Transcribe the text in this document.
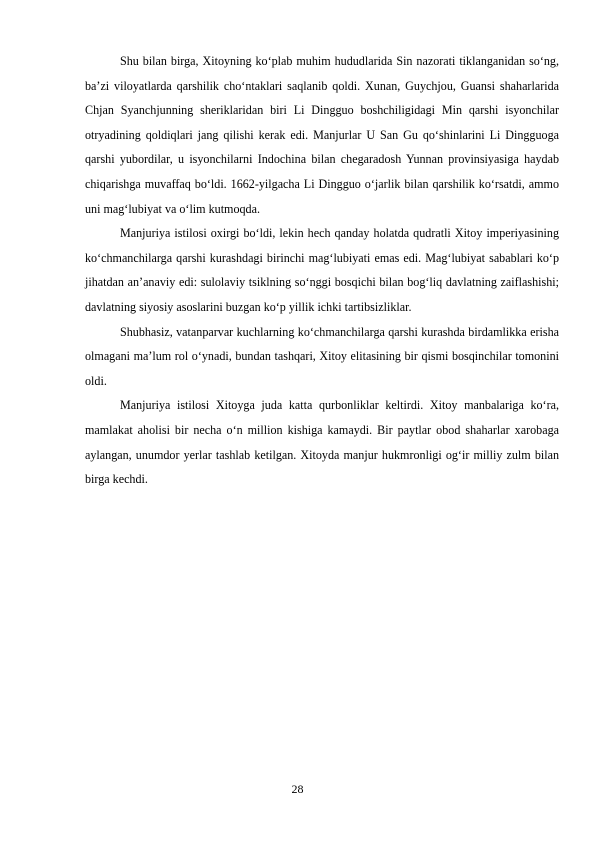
Shu bilan birga, Xitoyning ko‘plab muhim hududlarida Sin nazorati tiklanganidan so‘ng, ba’zi viloyatlarda qarshilik cho‘ntaklari saqlanib qoldi. Xunan, Guychjou, Guansi shaharlarida Chjan Syanchjunning sheriklaridan biri Li Dingguo boshchiligidagi Min qarshi isyonchilar otryadining qoldiqlari jang qilishi kerak edi. Manjurlar U San Gu qo‘shinlarini Li Dingguoga qarshi yubordilar, u isyonchilarni Indochina bilan chegaradosh Yunnan provinsiyasiga haydab chiqarishga muvaffaq bo‘ldi. 1662-yilgacha Li Dingguo o‘jarlik bilan qarshilik ko‘rsatdi, ammo uni mag‘lubiyat va o‘lim kutmoqda.

Manjuriya istilosi oxirgi bo‘ldi, lekin hech qanday holatda qudratli Xitoy imperiyasining ko‘chmanchilarga qarshi kurashdagi birinchi mag‘lubiyati emas edi. Mag‘lubiyat sabablari ko‘p jihatdan an’anaviy edi: sulolaviy tsiklning so‘nggi bosqichi bilan bog‘liq davlatning zaiflashishi; davlatning siyosiy asoslarini buzgan ko‘p yillik ichki tartibsizliklar.

Shubhasiz, vatanparvar kuchlarning ko‘chmanchilarga qarshi kurashda birdamlikka erisha olmagani ma’lum rol o‘ynadi, bundan tashqari, Xitoy elitasining bir qismi bosqinchilar tomonini oldi.

Manjuriya istilosi Xitoyga juda katta qurbonliklar keltirdi. Xitoy manbalariga ko‘ra, mamlakat aholisi bir necha o‘n million kishiga kamaydi. Bir paytlar obod shaharlar xarobaga aylangan, unumdor yerlar tashlab ketilgan. Xitoyda manjur hukmronligi og‘ir milliy zulm bilan birga kechdi.

28
